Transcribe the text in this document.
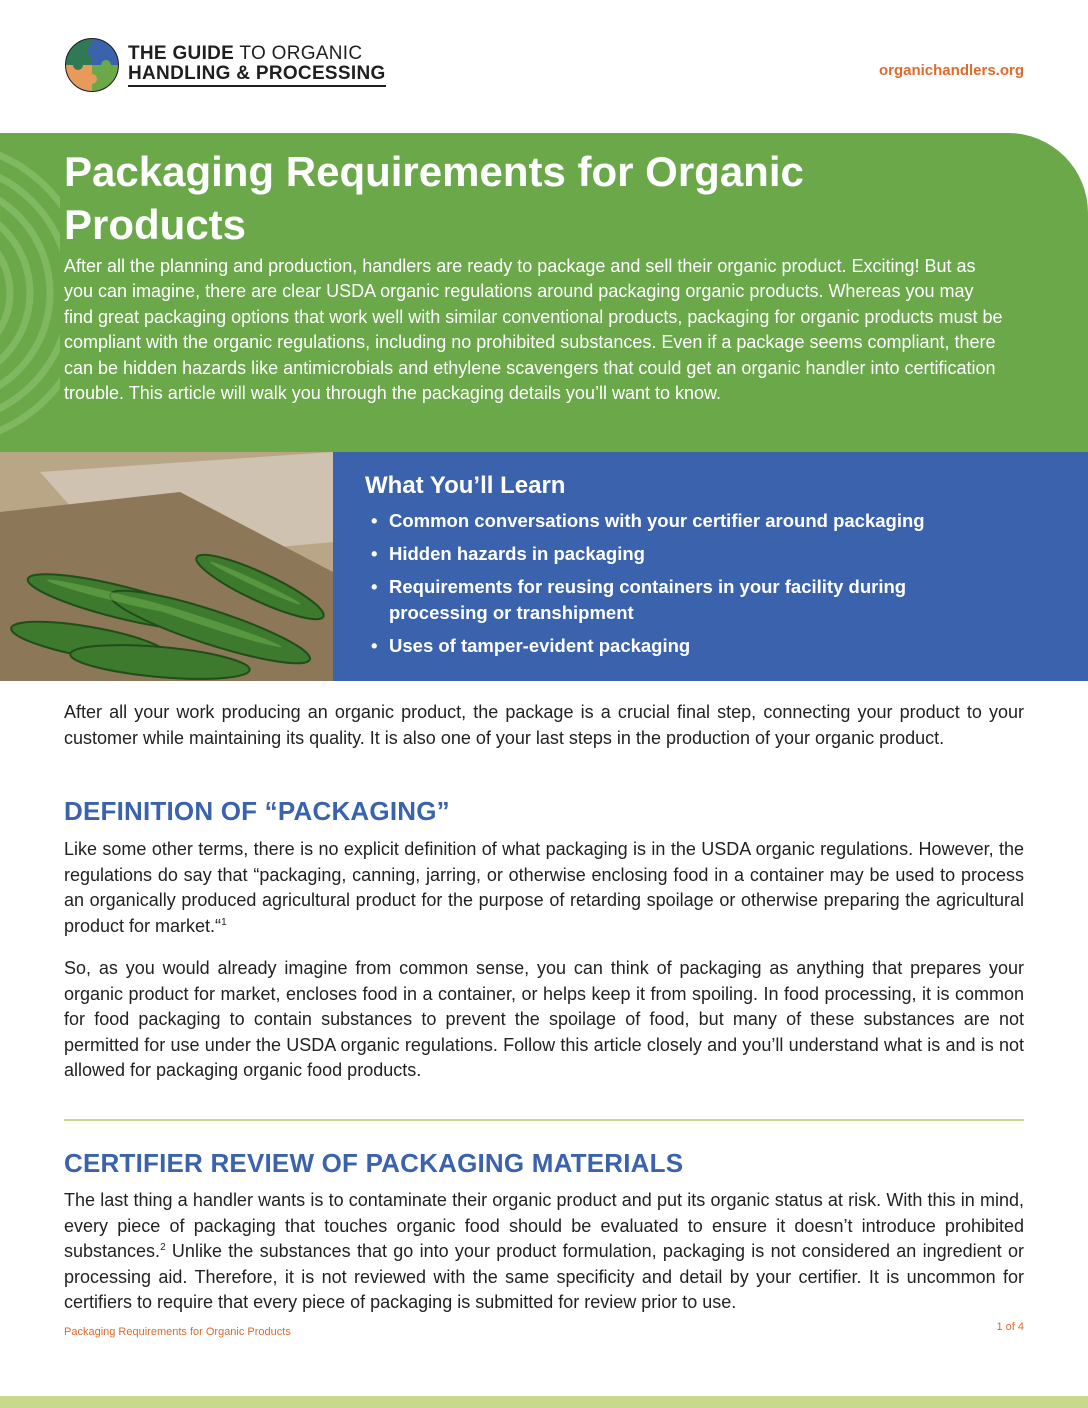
THE GUIDE TO ORGANIC
HANDLING & PROCESSING	organichandlers.org
Packaging Requirements for Organic Products

After all the planning and production, handlers are ready to package and sell their organic product. Exciting! But as you can imagine, there are clear USDA organic regulations around packaging organic products. Whereas you may find great packaging options that work well with similar conventional products, packaging for organic products must be compliant with the organic regulations, including no prohibited substances. Even if a package seems compliant, there can be hidden hazards like antimicrobials and ethylene scavengers that could get an organic handler into certification trouble. This article will walk you through the packaging details you’ll want to know.

What You’ll Learn
• Common conversations with your certifier around packaging
• Hidden hazards in packaging
• Requirements for reusing containers in your facility during processing or transhipment
• Uses of tamper-evident packaging

After all your work producing an organic product, the package is a crucial final step, connecting your product to your customer while maintaining its quality. It is also one of your last steps in the production of your organic product.

DEFINITION OF “PACKAGING”

Like some other terms, there is no explicit definition of what packaging is in the USDA organic regulations. However, the regulations do say that “packaging, canning, jarring, or otherwise enclosing food in a container may be used to process an organically produced agricultural product for the purpose of retarding spoilage or otherwise preparing the agricultural product for market.“$^1$

So, as you would already imagine from common sense, you can think of packaging as anything that prepares your organic product for market, encloses food in a container, or helps keep it from spoiling. In food processing, it is common for food packaging to contain substances to prevent the spoilage of food, but many of these substances are not permitted for use under the USDA organic regulations. Follow this article closely and you’ll understand what is and is not allowed for packaging organic food products.

CERTIFIER REVIEW OF PACKAGING MATERIALS

The last thing a handler wants is to contaminate their organic product and put its organic status at risk. With this in mind, every piece of packaging that touches organic food should be evaluated to ensure it doesn’t introduce prohibited substances.$^2$ Unlike the substances that go into your product formulation, packaging is not considered an ingredient or processing aid. Therefore, it is not reviewed with the same specificity and detail by your certifier. It is uncommon for certifiers to require that every piece of packaging is submitted for review prior to use.

Packaging Requirements for Organic Products	1 of 4
